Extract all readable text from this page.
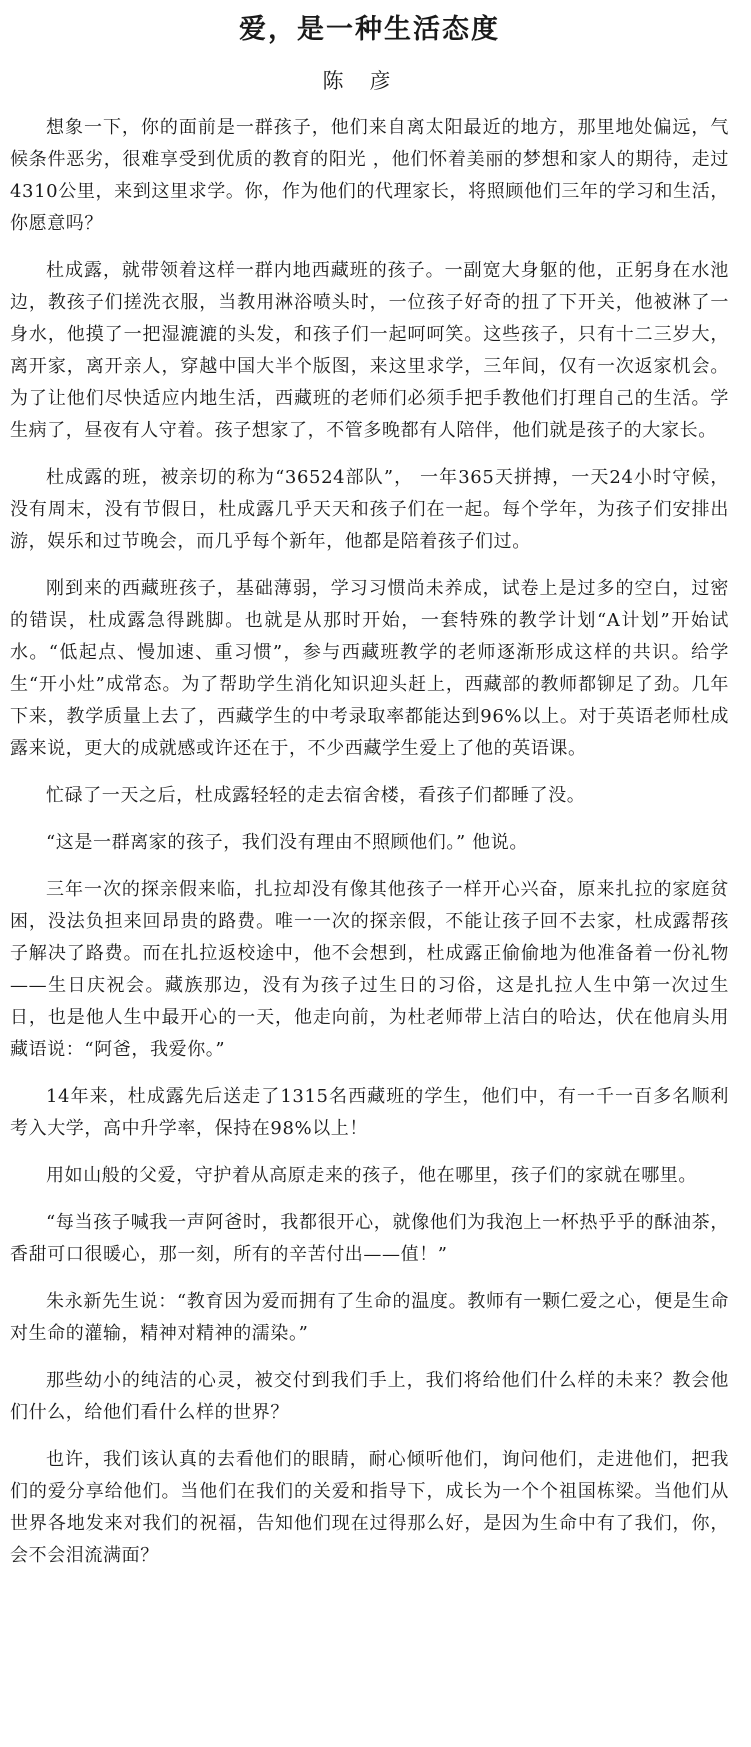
爱，是一种生活态度
陈彦

想象一下，你的面前是一群孩子，他们来自离太阳最近的地方，那里地处偏远，气候条件恶劣，很难享受到优质的教育的阳光 ，他们怀着美丽的梦想和家人的期待，走过4310公里，来到这里求学。你，作为他们的代理家长，将照顾他们三年的学习和生活，你愿意吗？

杜成露，就带领着这样一群内地西藏班的孩子。一副宽大身躯的他，正躬身在水池边，教孩子们搓洗衣服，当教用淋浴喷头时，一位孩子好奇的扭了下开关，他被淋了一身水，他摸了一把湿漉漉的头发，和孩子们一起呵呵笑。这些孩子，只有十二三岁大，离开家，离开亲人，穿越中国大半个版图，来这里求学，三年间，仅有一次返家机会。为了让他们尽快适应内地生活，西藏班的老师们必须手把手教他们打理自己的生活。学生病了，昼夜有人守着。孩子想家了，不管多晚都有人陪伴，他们就是孩子的大家长。

杜成露的班，被亲切的称为“36524部队”， 一年365天拼搏，一天24小时守候，没有周末，没有节假日，杜成露几乎天天和孩子们在一起。每个学年，为孩子们安排出游，娱乐和过节晚会，而几乎每个新年，他都是陪着孩子们过。

刚到来的西藏班孩子，基础薄弱，学习习惯尚未养成，试卷上是过多的空白，过密的错误，杜成露急得跳脚。也就是从那时开始，一套特殊的教学计划“A计划”开始试水。“低起点、慢加速、重习惯”，参与西藏班教学的老师逐渐形成这样的共识。给学生“开小灶”成常态。为了帮助学生消化知识迎头赶上，西藏部的教师都铆足了劲。几年下来，教学质量上去了，西藏学生的中考录取率都能达到96%以上。对于英语老师杜成露来说，更大的成就感或许还在于，不少西藏学生爱上了他的英语课。

忙碌了一天之后，杜成露轻轻的走去宿舍楼，看孩子们都睡了没。

“这是一群离家的孩子，我们没有理由不照顾他们。” 他说。

三年一次的探亲假来临，扎拉却没有像其他孩子一样开心兴奋，原来扎拉的家庭贫困，没法负担来回昂贵的路费。唯一一次的探亲假，不能让孩子回不去家，杜成露帮孩子解决了路费。而在扎拉返校途中，他不会想到，杜成露正偷偷地为他准备着一份礼物——生日庆祝会。藏族那边，没有为孩子过生日的习俗，这是扎拉人生中第一次过生日，也是他人生中最开心的一天，他走向前，为杜老师带上洁白的哈达，伏在他肩头用藏语说：“阿爸，我爱你。”

14年来，杜成露先后送走了1315名西藏班的学生，他们中，有一千一百多名顺利考入大学，高中升学率，保持在98%以上！

用如山般的父爱，守护着从高原走来的孩子，他在哪里，孩子们的家就在哪里。

“每当孩子喊我一声阿爸时，我都很开心，就像他们为我泡上一杯热乎乎的酥油茶，香甜可口很暖心，那一刻，所有的辛苦付出——值！”

朱永新先生说：“教育因为爱而拥有了生命的温度。教师有一颗仁爱之心，便是生命对生命的灌输，精神对精神的濡染。”

那些幼小的纯洁的心灵，被交付到我们手上，我们将给他们什么样的未来？教会他们什么，给他们看什么样的世界？

也许，我们该认真的去看他们的眼睛，耐心倾听他们，询问他们，走进他们，把我们的爱分享给他们。当他们在我们的关爱和指导下，成长为一个个祖国栋梁。当他们从世界各地发来对我们的祝福，告知他们现在过得那么好，是因为生命中有了我们，你，会不会泪流满面？
